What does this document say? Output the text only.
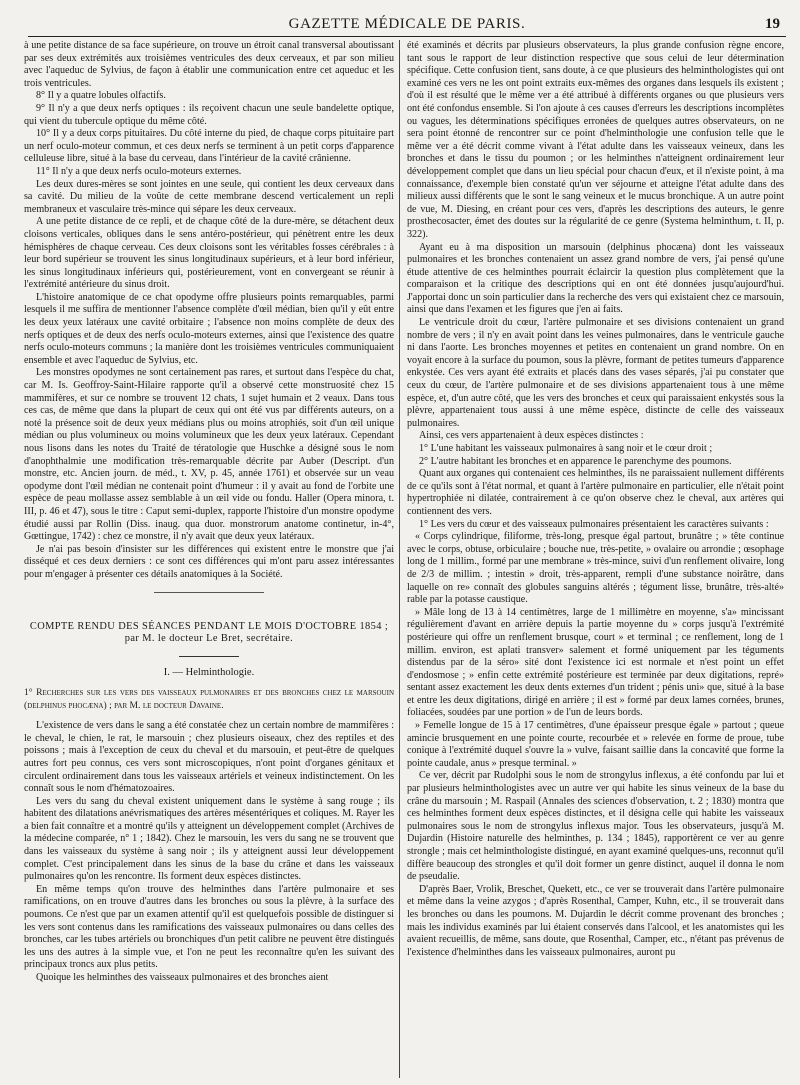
GAZETTE MÉDICALE DE PARIS.	19

à une petite distance de sa face supérieure, on trouve un étroit canal transversal aboutissant par ses deux extrémités aux troisièmes ventricules des deux cerveaux, et par son milieu avec l'aqueduc de Sylvius, de façon à établir une communication entre cet aqueduc et les trois ventricules.

8° Il y a quatre lobules olfactifs.

9° Il n'y a que deux nerfs optiques : ils reçoivent chacun une seule bandelette optique, qui vient du tubercule optique du même côté.

10° Il y a deux corps pituitaires. Du côté interne du pied, de chaque corps pituitaire part un nerf oculo-moteur commun, et ces deux nerfs se terminent à un petit corps d'apparence celluleuse libre, situé à la base du cerveau, dans l'intérieur de la cavité crânienne.

11° Il n'y a que deux nerfs oculo-moteurs externes.

Les deux dures-mères se sont jointes en une seule, qui contient les deux cerveaux dans sa cavité. Du milieu de la voûte de cette membrane descend verticalement un repli membraneux et vasculaire très-mince qui sépare les deux cerveaux.

A une petite distance de ce repli, et de chaque côté de la dure-mère, se détachent deux cloisons verticales, obliques dans le sens antéro-postérieur, qui pénètrent entre les deux hémisphères de chaque cerveau. Ces deux cloisons sont les véritables fosses cérébrales : à leur bord supérieur se trouvent les sinus longitudinaux supérieurs, et à leur bord inférieur, les sinus longitudinaux inférieurs qui, postérieurement, vont en convergeant se réunir à l'extrémité antérieure du sinus droit.

L'histoire anatomique de ce chat opodyme offre plusieurs points remarquables, parmi lesquels il me suffira de mentionner l'absence complète d'œil médian, bien qu'il y eût entre les deux yeux latéraux une cavité orbitaire ; l'absence non moins complète de deux des nerfs optiques et de deux des nerfs oculo-moteurs externes, ainsi que l'existence des quatre nerfs oculo-moteurs communs ; la manière dont les troisièmes ventricules communiquaient ensemble et avec l'aqueduc de Sylvius, etc.

Les monstres opodymes ne sont certainement pas rares, et surtout dans l'espèce du chat, car M. Is. Geoffroy-Saint-Hilaire rapporte qu'il a observé cette monstruosité chez 15 mammifères, et sur ce nombre se trouvent 12 chats, 1 sujet humain et 2 veaux. Dans tous ces cas, de même que dans la plupart de ceux qui ont été vus par différents auteurs, on a noté la présence soit de deux yeux médians plus ou moins atrophiés, soit d'un œil unique médian ou plus volumineux ou moins volumineux que les deux yeux latéraux. Cependant nous lisons dans les notes du Traité de tératologie que Huschke a désigné sous le nom d'anophthalmie une modification très-remarquable décrite par Auber (Descript. d'un monstre, etc. Ancien journ. de méd., t. XV, p. 45, année 1761) et observée sur un veau opodyme dont l'œil médian ne contenait point d'humeur : il y avait au fond de l'orbite une espèce de peau mollasse assez semblable à un œil vide ou fondu. Haller (Opera minora, t. III, p. 46 et 47), sous le titre : Caput semi-duplex, rapporte l'histoire d'un monstre opodyme étudié aussi par Rollin (Diss. inaug. qua duor. monstrorum anatome continetur, in-4°, Gœttingue, 1742) : chez ce monstre, il n'y avait que deux yeux latéraux.

Je n'ai pas besoin d'insister sur les différences qui existent entre le monstre que j'ai disséqué et ces deux derniers : ce sont ces différences qui m'ont paru assez intéressantes pour m'engager à présenter ces détails anatomiques à la Société.

COMPTE RENDU DES SÉANCES PENDANT LE MOIS D'OCTOBRE 1854 ;
par M. le docteur Le Bret, secrétaire.
I. — Helminthologie.

1° Recherches sur les vers des vaisseaux pulmonaires et des bronches chez le marsouin (delphinus phocæna) ; par M. le docteur Davaine.

L'existence de vers dans le sang a été constatée chez un certain nombre de mammifères : le cheval, le chien, le rat, le marsouin ; chez plusieurs oiseaux, chez des reptiles et des poissons ; mais à l'exception de ceux du cheval et du marsouin, et peut-être de quelques autres fort peu connus, ces vers sont microscopiques, n'ont point d'organes génitaux et circulent ordinairement dans tous les vaisseaux artériels et veineux indistinctement. On les connaît sous le nom d'hématozoaires.

Les vers du sang du cheval existent uniquement dans le système à sang rouge ; ils habitent des dilatations anévrismatiques des artères mésentériques et coliques. M. Rayer les a bien fait connaître et a montré qu'ils y atteignent un développement complet (Archives de la médecine comparée, n° 1 ; 1842). Chez le marsouin, les vers du sang ne se trouvent que dans les vaisseaux du système à sang noir ; ils y atteignent aussi leur développement complet. C'est principalement dans les sinus de la base du crâne et dans les vaisseaux pulmonaires qu'on les rencontre. Ils forment deux espèces distinctes.

En même temps qu'on trouve des helminthes dans l'artère pulmonaire et ses ramifications, on en trouve d'autres dans les bronches ou sous la plèvre, à la surface des poumons. Ce n'est que par un examen attentif qu'il est quelquefois possible de distinguer si les vers sont contenus dans les ramifications des vaisseaux pulmonaires ou dans celles des bronches, car les tubes artériels ou bronchiques d'un petit calibre ne peuvent être distingués les uns des autres à la simple vue, et l'on ne peut les reconnaître qu'en les suivant des principaux troncs aux plus petits.

Quoique les helminthes des vaisseaux pulmonaires et des bronches aient

été examinés et décrits par plusieurs observateurs, la plus grande confusion règne encore, tant sous le rapport de leur distinction respective que sous celui de leur détermination spécifique. Cette confusion tient, sans doute, à ce que plusieurs des helminthologistes qui ont examiné ces vers ne les ont point extraits eux-mêmes des organes dans lesquels ils existent ; d'où il est résulté que le même ver a été attribué à différents organes ou que plusieurs vers ont été confondus ensemble. Si l'on ajoute à ces causes d'erreurs les descriptions incomplètes ou vagues, les déterminations spécifiques erronées de quelques autres observateurs, on ne sera point étonné de rencontrer sur ce point d'helminthologie une confusion telle que le même ver a été décrit comme vivant à l'état adulte dans les vaisseaux veineux, dans les bronches et dans le tissu du poumon ; or les helminthes n'atteignent ordinairement leur développement complet que dans un lieu spécial pour chacun d'eux, et il n'existe point, à ma connaissance, d'exemple bien constaté qu'un ver séjourne et atteigne l'état adulte dans des milieux aussi différents que le sont le sang veineux et le mucus bronchique. A un autre point de vue, M. Diesing, en créant pour ces vers, d'après les descriptions des auteurs, le genre prosthecosacter, émet des doutes sur la régularité de ce genre (Systema helminthum, t. II, p. 322).

Ayant eu à ma disposition un marsouin (delphinus phocæna) dont les vaisseaux pulmonaires et les bronches contenaient un assez grand nombre de vers, j'ai pensé qu'une étude attentive de ces helminthes pourrait éclaircir la question plus complètement que la comparaison et la critique des descriptions qui en ont été données jusqu'aujourd'hui. J'apportai donc un soin particulier dans la recherche des vers qui existaient chez ce marsouin, ainsi que dans l'examen et les figures que j'en ai faits.

Le ventricule droit du cœur, l'artère pulmonaire et ses divisions contenaient un grand nombre de vers ; il n'y en avait point dans les veines pulmonaires, dans le ventricule gauche ni dans l'aorte. Les bronches moyennes et petites en contenaient un grand nombre. On en voyait encore à la surface du poumon, sous la plèvre, formant de petites tumeurs d'apparence enkystée. Ces vers ayant été extraits et placés dans des vases séparés, j'ai pu constater que ceux du cœur, de l'artère pulmonaire et de ses divisions appartenaient tous à une même espèce, et, d'un autre côté, que les vers des bronches et ceux qui paraissaient enkystés sous la plèvre, appartenaient tous aussi à une même espèce, distincte de celle des vaisseaux pulmonaires.

Ainsi, ces vers appartenaient à deux espèces distinctes :

1° L'une habitant les vaisseaux pulmonaires à sang noir et le cœur droit ;

2° L'autre habitant les bronches et en apparence le parenchyme des poumons.

Quant aux organes qui contenaient ces helminthes, ils ne paraissaient nullement différents de ce qu'ils sont à l'état normal, et quant à l'artère pulmonaire en particulier, elle n'était point hypertrophiée ni dilatée, contrairement à ce qu'on observe chez le cheval, aux artères qui contiennent des vers.

1° Les vers du cœur et des vaisseaux pulmonaires présentaient les caractères suivants :

« Corps cylindrique, filiforme, très-long, presque égal partout, brunâtre ; » tête continue avec le corps, obtuse, orbiculaire ; bouche nue, très-petite, » ovalaire ou arrondie ; œsophage long de 1 millim., formé par une membrane » très-mince, suivi d'un renflement olivaire, long de 2/3 de millim. ; intestin » droit, très-apparent, rempli d'une substance noirâtre, dans laquelle on re» connaît des globules sanguins altérés ; tégument lisse, brunâtre, très-alté» rable par la potasse caustique.

» Mâle long de 13 à 14 centimètres, large de 1 millimètre en moyenne, s'a» mincissant régulièrement d'avant en arrière depuis la partie moyenne du » corps jusqu'à l'extrémité postérieure qui offre un renflement brusque, court » et terminal ; ce renflement, long de 1 millim. environ, est aplati transver» salement et formé uniquement par les téguments distendus par de la séro» sité dont l'existence ici est normale et n'est point un effet d'endosmose ; » enfin cette extrémité postérieure est terminée par deux digitations, repré» sentant assez exactement les deux dents externes d'un trident ; pénis uni» que, situé à la base et entre les deux digitations, dirigé en arrière ; il est » formé par deux lames cornées, brunes, foliacées, soudées par une portion » de l'un de leurs bords.

» Femelle longue de 15 à 17 centimètres, d'une épaisseur presque égale » partout ; queue amincie brusquement en une pointe courte, recourbée et » relevée en forme de proue, tube conique à l'extrémité duquel s'ouvre la » vulve, faisant saillie dans la concavité que forme la pointe caudale, anus » presque terminal. »

Ce ver, décrit par Rudolphi sous le nom de strongylus inflexus, a été confondu par lui et par plusieurs helminthologistes avec un autre ver qui habite les sinus veineux de la base du crâne du marsouin ; M. Raspail (Annales des sciences d'observation, t. 2 ; 1830) montra que ces helminthes forment deux espèces distinctes, et il désigna celle qui habite les vaisseaux pulmonaires sous le nom de strongylus inflexus major. Tous les observateurs, jusqu'à M. Dujardin (Histoire naturelle des helminthes, p. 134 ; 1845), rapportèrent ce ver au genre strongle ; mais cet helminthologiste distingué, en ayant examiné quelques-uns, reconnut qu'il diffère beaucoup des strongles et qu'il doit former un genre distinct, auquel il donna le nom de pseudalie.

D'après Baer, Vrolik, Breschet, Quekett, etc., ce ver se trouverait dans l'artère pulmonaire et même dans la veine azygos ; d'après Rosenthal, Camper, Kuhn, etc., il se trouverait dans les bronches ou dans les poumons. M. Dujardin le décrit comme provenant des bronches ; mais les individus examinés par lui étaient conservés dans l'alcool, et les anatomistes qui les avaient recueillis, de même, sans doute, que Rosenthal, Camper, etc., n'étant pas prévenus de l'existence d'helminthes dans les vaisseaux pulmonaires, auront pu
